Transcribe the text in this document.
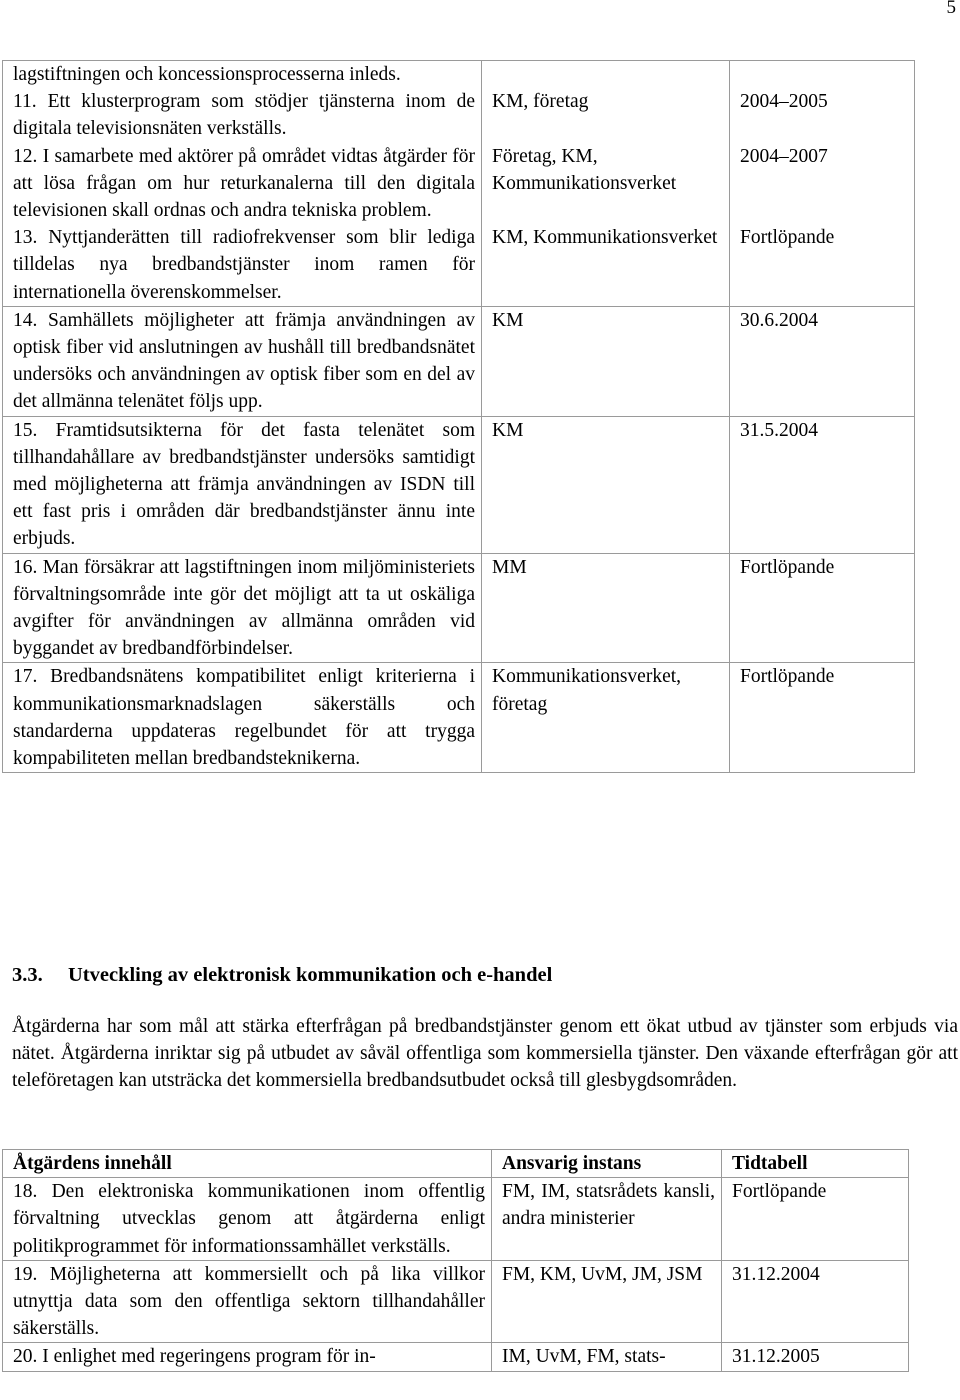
5
lagstiftningen och koncessionsprocesserna inleds.		
11. Ett klusterprogram som stödjer tjänsterna inom de digitala televisionsnäten verkställs.	KM, företag	2004–2005
12. I samarbete med aktörer på området vidtas åtgärder för att lösa frågan om hur returkanalerna till den digitala televisionen skall ordnas och andra tekniska problem.	Företag, KM, Kommunikationsverket	2004–2007
13. Nyttjanderätten till radiofrekvenser som blir lediga tilldelas nya bredbandstjänster inom ramen för internationella överenskommelser.	KM, Kommunikationsverket	Fortlöpande
14. Samhällets möjligheter att främja användningen av optisk fiber vid anslutningen av hushåll till bredbandsnätet undersöks och användningen av optisk fiber som en del av det allmänna telenätet följs upp.	KM	30.6.2004
15. Framtidsutsikterna för det fasta telenätet som tillhandahållare av bredbandstjänster undersöks samtidigt med möjligheterna att främja användningen av ISDN till ett fast pris i områden där bredbandstjänster ännu inte erbjuds.	KM	31.5.2004
16. Man försäkrar att lagstiftningen inom miljöministeriets förvaltningsområde inte gör det möjligt att ta ut oskäliga avgifter för användningen av allmänna områden vid byggandet av bredbandförbindelser.	MM	Fortlöpande
17. Bredbandsnätens kompatibilitet enligt kriterierna i kommunikationsmarknadslagen säkerställs och standarderna uppdateras regelbundet för att trygga kompabiliteten mellan bredbandsteknikerna.	Kommunikationsverket, företag	Fortlöpande
3.3. Utveckling av elektronisk kommunikation och e-handel
Åtgärderna har som mål att stärka efterfrågan på bredbandstjänster genom ett ökat utbud av tjänster som erbjuds via nätet. Åtgärderna inriktar sig på utbudet av såväl offentliga som kommersiella tjänster. Den växande efterfrågan gör att teleföretagen kan utsträcka det kommersiella bredbandsutbudet också till glesbygdsområden.
Åtgärdens innehåll	Ansvarig instans	Tidtabell
18. Den elektroniska kommunikationen inom offentlig förvaltning utvecklas genom att åtgärderna enligt politikprogrammet för informationssamhället verkställs.	FM, IM, statsrådets kansli, andra ministerier	Fortlöpande
19. Möjligheterna att kommersiellt och på lika villkor utnyttja data som den offentliga sektorn tillhandahåller säkerställs.	FM, KM, UvM, JM, JSM	31.12.2004
20. I enlighet med regeringens program för in-	IM, UvM, FM, stats-	31.12.2005
